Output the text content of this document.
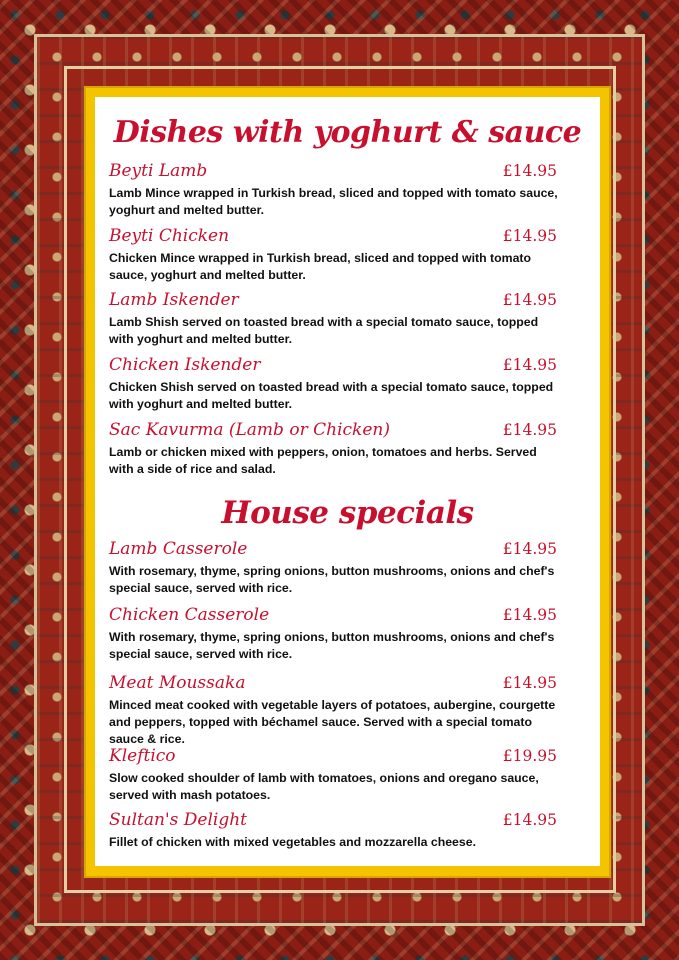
Dishes with yoghurt & sauce
Beyti Lamb
Lamb Mince wrapped in Turkish bread, sliced and topped with tomato sauce, yoghurt and melted butter.
£14.95
Beyti Chicken
Chicken Mince wrapped in Turkish bread, sliced and topped with tomato sauce, yoghurt and melted butter.
£14.95
Lamb Iskender
Lamb Shish served on toasted bread with a special tomato sauce, topped with yoghurt and melted butter.
£14.95
Chicken Iskender
Chicken Shish served on toasted bread with a special tomato sauce, topped with yoghurt and melted butter.
£14.95
Sac Kavurma (Lamb or Chicken)
Lamb or chicken mixed with peppers, onion, tomatoes and herbs. Served with a side of rice and salad.
£14.95
House specials
Lamb Casserole
With rosemary, thyme, spring onions, button mushrooms, onions and chef's special sauce, served with rice.
£14.95
Chicken Casserole
With rosemary, thyme, spring onions, button mushrooms, onions and chef's special sauce, served with rice.
£14.95
Meat Moussaka
Minced meat cooked with vegetable layers of potatoes, aubergine, courgette and peppers, topped with béchamel sauce. Served with a special tomato sauce & rice.
£14.95
Kleftico
Slow cooked shoulder of lamb with tomatoes, onions and oregano sauce, served with mash potatoes.
£19.95
Sultan's Delight
Fillet of chicken with mixed vegetables and mozzarella cheese.
£14.95
